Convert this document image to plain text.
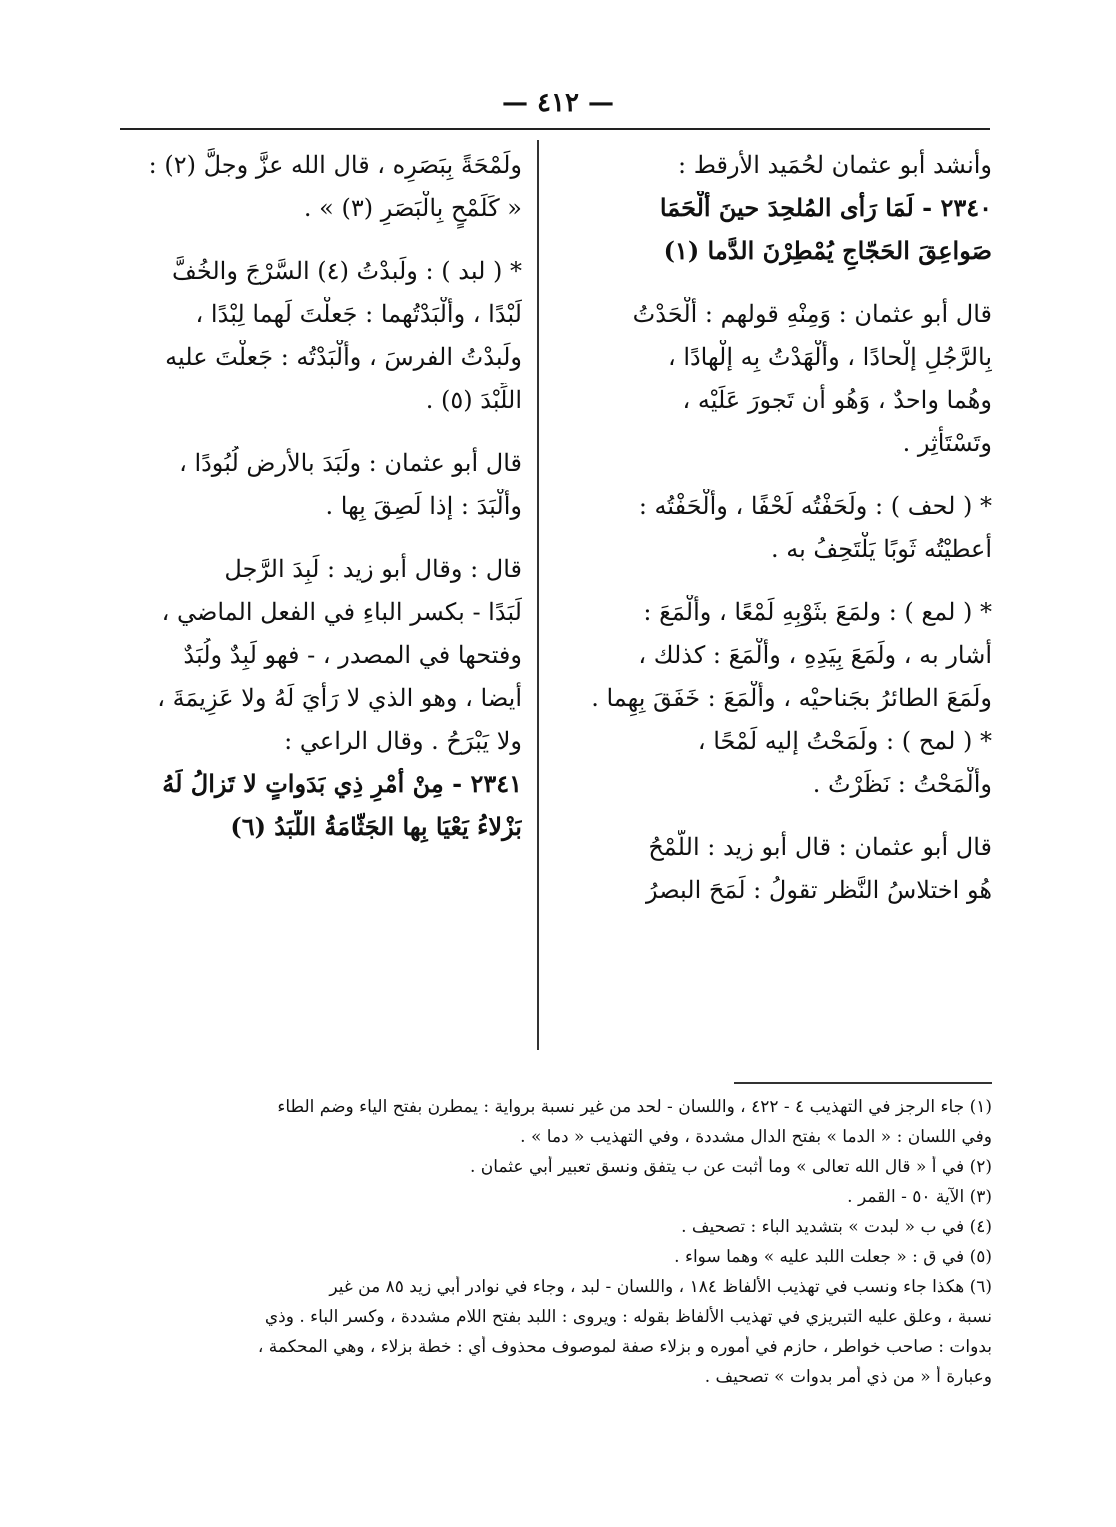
— ٤١٢ —
وأنشد أبو عثمان لحُمَيد الأرقط :
٢٣٤٠ - لَمَا رَأى المُلحِدَ حينَ ألْحَمَا
صَواعِقَ الحَجّاجِ يُمْطِرْنَ الدَّما (١)
قال أبو عثمان : وَمِنْهِ قولهم : ألْحَدْتُ
بِالرَّجُلِ إلْحادًا ، وأَلْهَدْتُ بِه إلْهادًا ،
وهُما واحدٌ ، وَهُو أن تَجورَ عَلَيْه ،
وتَسْتَأْثِر .
* ( لحف ) : ولَحَفْتُه لَحْفًا ، وأَلْحَفْتُه :
أعطيْتُه ثَوبًا يَلْتَحِفُ به .
* ( لمع ) : ولمَعَ بثَوْبِهِ لَمْعًا ، وأَلْمَعَ :
أشار به ، ولَمَعَ بِيَدِهِ ، وأَلْمَعَ : كذلك ،
ولَمَعَ الطائرُ بجَناحيْه ، وأَلْمَعَ : خَفَقَ بِهِما .
* ( لمح ) : ولَمَحْتُ إليه لَمْحًا ،
وأَلْمَحْتُ : نَظَرْتُ .
قال أبو عثمان : قال أبو زيد : اللَّمْحُ
هُو اختلاسُ النَّظر تقولُ : لَمَحَ البصرُ
ولَمْحَةً بِبَصَرِه ، قال الله عزَّ وجلَّ (٢) :
« كَلَمْحٍ بِالْبَصَرِ (٣) » .
* ( لبد ) : ولَبدْتُ (٤) السَّرْجَ والخُفَّ
لَبْدًا ، وأَلْبَدْتُهما : جَعلْتَ لَهما لِبْدًا ،
ولَبدْتُ الفرسَ ، وأَلْبَدْتُه : جَعلْتَ عليه
اللِّبْدَ (٥) .
قال أبو عثمان : ولَبَدَ بالأرض لُبُودًا ،
وأَلْبَدَ : إذا لَصِقَ بِها .
قال : وقال أبو زيد : لَبِدَ الرَّجل
لَبَدًا - بكسر الباءِ في الفعل الماضي ،
وفتحها في المصدر ، - فهو لَبِدٌ ولُبَدٌ
أيضا ، وهو الذي لا رَأْيَ لَهُ ولا عَزِيمَةَ ،
ولا يَبْرَحُ . وقال الراعي :
٢٣٤١ - مِنْ أمْرِ ذِي بَدَواتٍ لا تَزالُ لَهُ
بَزْلاءُ يَعْيَا بِها الجَثّامَةُ اللُّبَدُ (٦)
(١) جاء الرجز في التهذيب ٤ - ٤٢٢ ، واللسان - لحد من غير نسبة برواية : يمطرن بفتح الياء وضم الطاء
وفي اللسان : « الدما » بفتح الدال مشددة ، وفي التهذيب « دما » .
(٢) في أ « قال الله تعالى » وما أثبت عن ب يتفق ونسق تعبير أبي عثمان .
(٣) الآية ٥٠ - القمر .
(٤) في ب « لبدت » بتشديد الباء : تصحيف .
(٥) في ق : « جعلت اللبد عليه » وهما سواء .
(٦) هكذا جاء ونسب في تهذيب الألفاظ ١٨٤ ، واللسان - لبد ، وجاء في نوادر أبي زيد ٨٥ من غير
نسبة ، وعلق عليه التبريزي في تهذيب الألفاظ بقوله : ويروى : اللبد بفتح اللام مشددة ، وكسر الباء . وذي
بدوات : صاحب خواطر ، حازم في أموره و بزلاء صفة لموصوف محذوف أي : خطة بزلاء ، وهي المحكمة ،
وعبارة أ « من ذي أمر بدوات » تصحيف .
